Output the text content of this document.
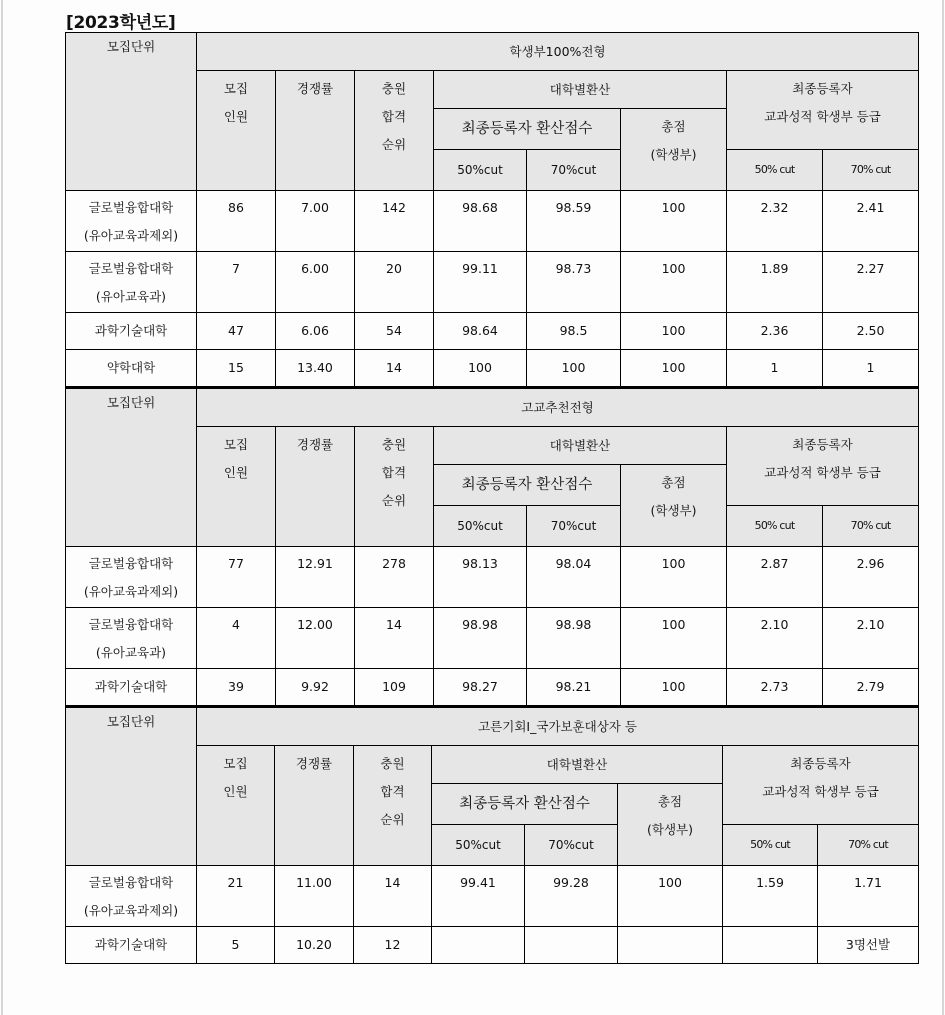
[2023학년도]
모집단위	학생부100%전형							

	모집
인원	경쟁률	충원
합격
순위	대학별환산			최종등록자
교과성적 학생부 등급	

				최종등록자 환산점수		총점
(학생부)		

				50%cut	70%cut		50% cut	70% cut

글로벌융합대학
(유아교육과제외)	86	7.00	142	98.68	98.59	100	2.32	2.41

글로벌융합대학
(유아교육과)	7	6.00	20	99.11	98.73	100	1.89	2.27
과학기술대학	47	6.06	54	98.64	98.5	100	2.36	2.50
약학대학	15	13.40	14	100	100	100	1	1
모집단위	고교추천전형							

	모집
인원	경쟁률	충원
합격
순위	대학별환산			최종등록자
교과성적 학생부 등급	

				최종등록자 환산점수		총점
(학생부)		

				50%cut	70%cut		50% cut	70% cut

글로벌융합대학
(유아교육과제외)	77	12.91	278	98.13	98.04	100	2.87	2.96

글로벌융합대학
(유아교육과)	4	12.00	14	98.98	98.98	100	2.10	2.10
과학기술대학	39	9.92	109	98.27	98.21	100	2.73	2.79
모집단위	고른기회Ⅰ_국가보훈대상자 등							

	모집
인원	경쟁률	충원
합격
순위	대학별환산			최종등록자
교과성적 학생부 등급	

				최종등록자 환산점수		총점
(학생부)		

				50%cut	70%cut		50% cut	70% cut

글로벌융합대학
(유아교육과제외)	21	11.00	14	99.41	99.28	100	1.59	1.71
과학기술대학	5	10.20	12					3명선발
